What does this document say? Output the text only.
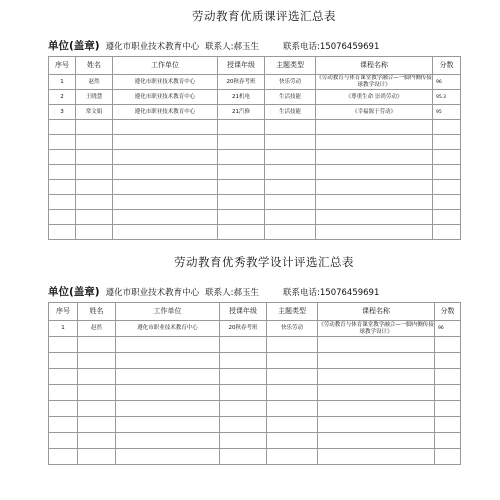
劳动教育优质课评选汇总表
单位(盖章) 遵化市职业技术教育中心 联系人: 郝玉生	联系电话: 15076459691
序号	姓名	工作单位	授课年级	主题类型	课程名称	分数
1	赵然	遵化市职业技术教育中心	20秋春考班	快乐劳动	《劳动教育与体育课堂教学融合—一脚内侧传接球教学设计》	96
2	王晓慧	遵化市职业技术教育中心	21机电	生活技能	《尊重生命 崇尚劳动》	95.3
3	常文娟	遵化市职业技术教育中心	21汽修	生活技能	《幸福源于劳动》	95

劳动教育优秀教学设计评选汇总表
单位(盖章) 遵化市职业技术教育中心 联系人: 郝玉生	联系电话: 15076459691
序号	姓名	工作单位	授课年级	主题类型	课程名称	分数
1	赵然	遵化市职业技术教育中心	20秋春考班	快乐劳动	《劳动教育与体育课堂教学融合—一脚内侧传接球教学设计》	96
